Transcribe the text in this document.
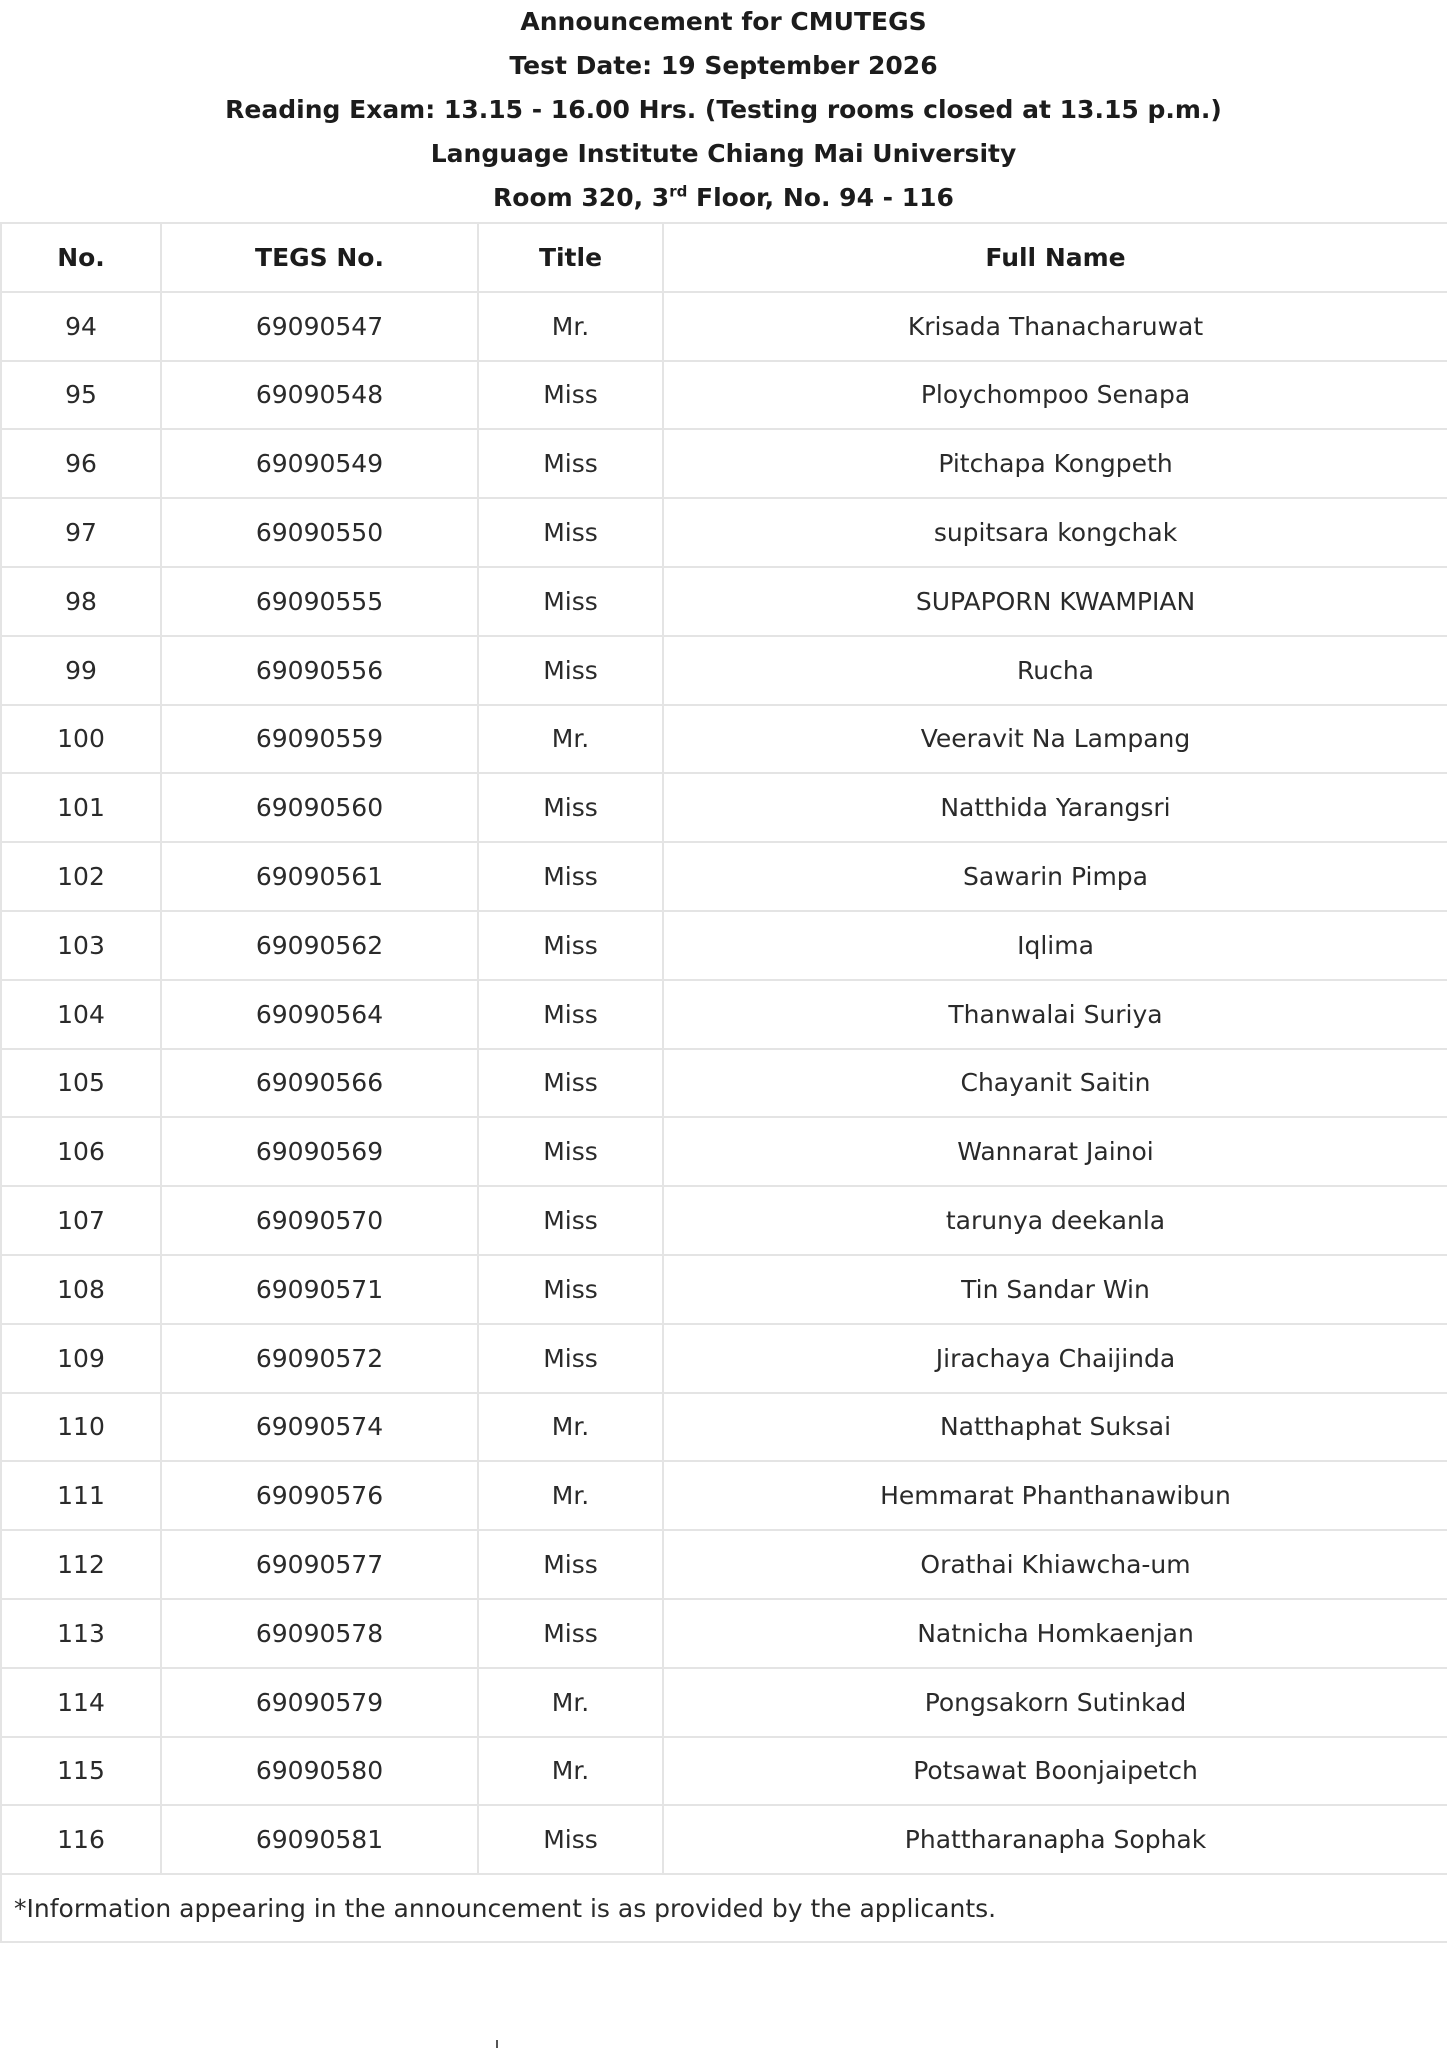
Announcement for CMUTEGS
Test Date: 19 September 2026
Reading Exam: 13.15 - 16.00 Hrs. (Testing rooms closed at 13.15 p.m.)
Language Institute Chiang Mai University
Room 320, 3rd Floor, No. 94 - 116
No.	TEGS No.	Title	Full Name
94	69090547	Mr.	Krisada Thanacharuwat
95	69090548	Miss	Ploychompoo Senapa
96	69090549	Miss	Pitchapa Kongpeth
97	69090550	Miss	supitsara kongchak
98	69090555	Miss	SUPAPORN KWAMPIAN
99	69090556	Miss	Rucha
100	69090559	Mr.	Veeravit Na Lampang
101	69090560	Miss	Natthida Yarangsri
102	69090561	Miss	Sawarin Pimpa
103	69090562	Miss	Iqlima
104	69090564	Miss	Thanwalai Suriya
105	69090566	Miss	Chayanit Saitin
106	69090569	Miss	Wannarat Jainoi
107	69090570	Miss	tarunya deekanla
108	69090571	Miss	Tin Sandar Win
109	69090572	Miss	Jirachaya Chaijinda
110	69090574	Mr.	Natthaphat Suksai
111	69090576	Mr.	Hemmarat Phanthanawibun
112	69090577	Miss	Orathai Khiawcha-um
113	69090578	Miss	Natnicha Homkaenjan
114	69090579	Mr.	Pongsakorn Sutinkad
115	69090580	Mr.	Potsawat Boonjaipetch
116	69090581	Miss	Phattharanapha Sophak
*Information appearing in the announcement is as provided by the applicants.			
